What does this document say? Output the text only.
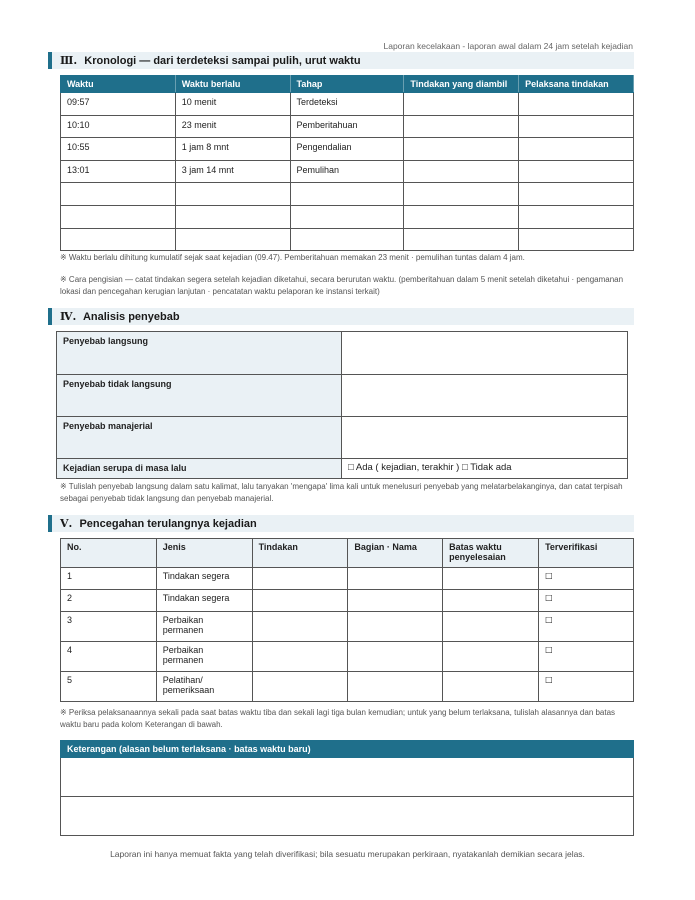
Laporan kecelakaan - laporan awal dalam 24 jam setelah kejadian
Ⅲ. Kronologi — dari terdeteksi sampai pulih, urut waktu
Waktu	Waktu berlalu	Tahap	Tindakan yang diambil	Pelaksana tindakan
09:57	10 menit	Terdeteksi		
10:10	23 menit	Pemberitahuan		
10:55	1 jam 8 mnt	Pengendalian		
13:01	3 jam 14 mnt	Pemulihan		

※ Waktu berlalu dihitung kumulatif sejak saat kejadian (09.47). Pemberitahuan memakan 23 menit · pemulihan tuntas dalam 4 jam.
※ Cara pengisian — catat tindakan segera setelah kejadian diketahui, secara berurutan waktu. (pemberitahuan dalam 5 menit setelah diketahui · pengamanan lokasi dan pencegahan kerugian lanjutan · pencatatan waktu pelaporan ke instansi terkait)
Ⅳ. Analisis penyebab
Penyebab langsung	
Penyebab tidak langsung	
Penyebab manajerial	
Kejadian serupa di masa lalu	□ Ada ( kejadian, terakhir ) □ Tidak ada
※ Tulislah penyebab langsung dalam satu kalimat, lalu tanyakan 'mengapa' lima kali untuk menelusuri penyebab yang melatarbelakanginya, dan catat terpisah sebagai penyebab tidak langsung dan penyebab manajerial.
Ⅴ. Pencegahan terulangnya kejadian
No.	Jenis	Tindakan	Bagian · Nama	Batas waktu penyelesaian	Terverifikasi
1	Tindakan segera				□
2	Tindakan segera				□
3	Perbaikan permanen				□
4	Perbaikan permanen				□
5	Pelatihan/ pemeriksaan				□
※ Periksa pelaksanaannya sekali pada saat batas waktu tiba dan sekali lagi tiga bulan kemudian; untuk yang belum terlaksana, tulislah alasannya dan batas waktu baru pada kolom Keterangan di bawah.
Keterangan (alasan belum terlaksana · batas waktu baru)

Laporan ini hanya memuat fakta yang telah diverifikasi; bila sesuatu merupakan perkiraan, nyatakanlah demikian secara jelas.
